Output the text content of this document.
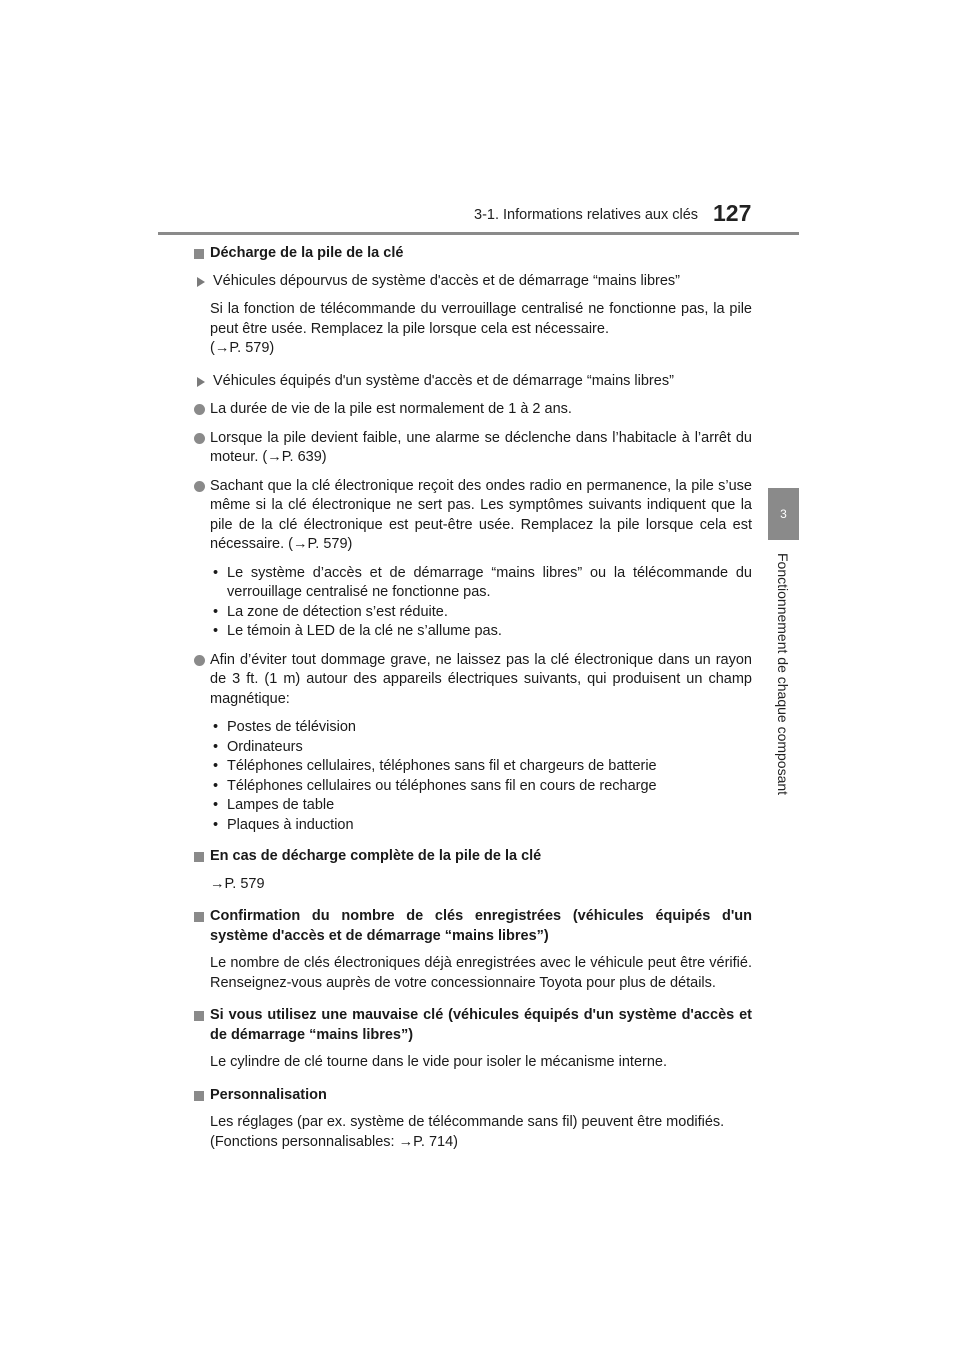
3-1. Informations relatives aux clés 127
3
Fonctionnement de chaque composant
Décharge de la pile de la clé
Véhicules dépourvus de système d'accès et de démarrage “mains libres”

Si la fonction de télécommande du verrouillage centralisé ne fonctionne pas, la pile peut être usée. Remplacez la pile lorsque cela est nécessaire.
(→P. 579)

Véhicules équipés d'un système d'accès et de démarrage “mains libres”
La durée de vie de la pile est normalement de 1 à 2 ans.
Lorsque la pile devient faible, une alarme se déclenche dans l’habitacle à l’arrêt du moteur. (→P. 639)
Sachant que la clé électronique reçoit des ondes radio en permanence, la pile s’use même si la clé électronique ne sert pas. Les symptômes suivants indiquent que la pile de la clé électronique est peut-être usée. Remplacez la pile lorsque cela est nécessaire. (→P. 579)
• Le système d’accès et de démarrage “mains libres” ou la télécommande du verrouillage centralisé ne fonctionne pas.
• La zone de détection s’est réduite.
• Le témoin à LED de la clé ne s’allume pas.
Afin d’éviter tout dommage grave, ne laissez pas la clé électronique dans un rayon de 3 ft. (1 m) autour des appareils électriques suivants, qui produisent un champ magnétique:
• Postes de télévision
• Ordinateurs
• Téléphones cellulaires, téléphones sans fil et chargeurs de batterie
• Téléphones cellulaires ou téléphones sans fil en cours de recharge
• Lampes de table
• Plaques à induction
En cas de décharge complète de la pile de la clé

→P. 579

Confirmation du nombre de clés enregistrées (véhicules équipés d'un système d'accès et de démarrage “mains libres”)

Le nombre de clés électroniques déjà enregistrées avec le véhicule peut être vérifié. Renseignez-vous auprès de votre concessionnaire Toyota pour plus de détails.

Si vous utilisez une mauvaise clé (véhicules équipés d'un système d'accès et de démarrage “mains libres”)

Le cylindre de clé tourne dans le vide pour isoler le mécanisme interne.

Personnalisation

Les réglages (par ex. système de télécommande sans fil) peuvent être modifiés.
(Fonctions personnalisables: →P. 714)
